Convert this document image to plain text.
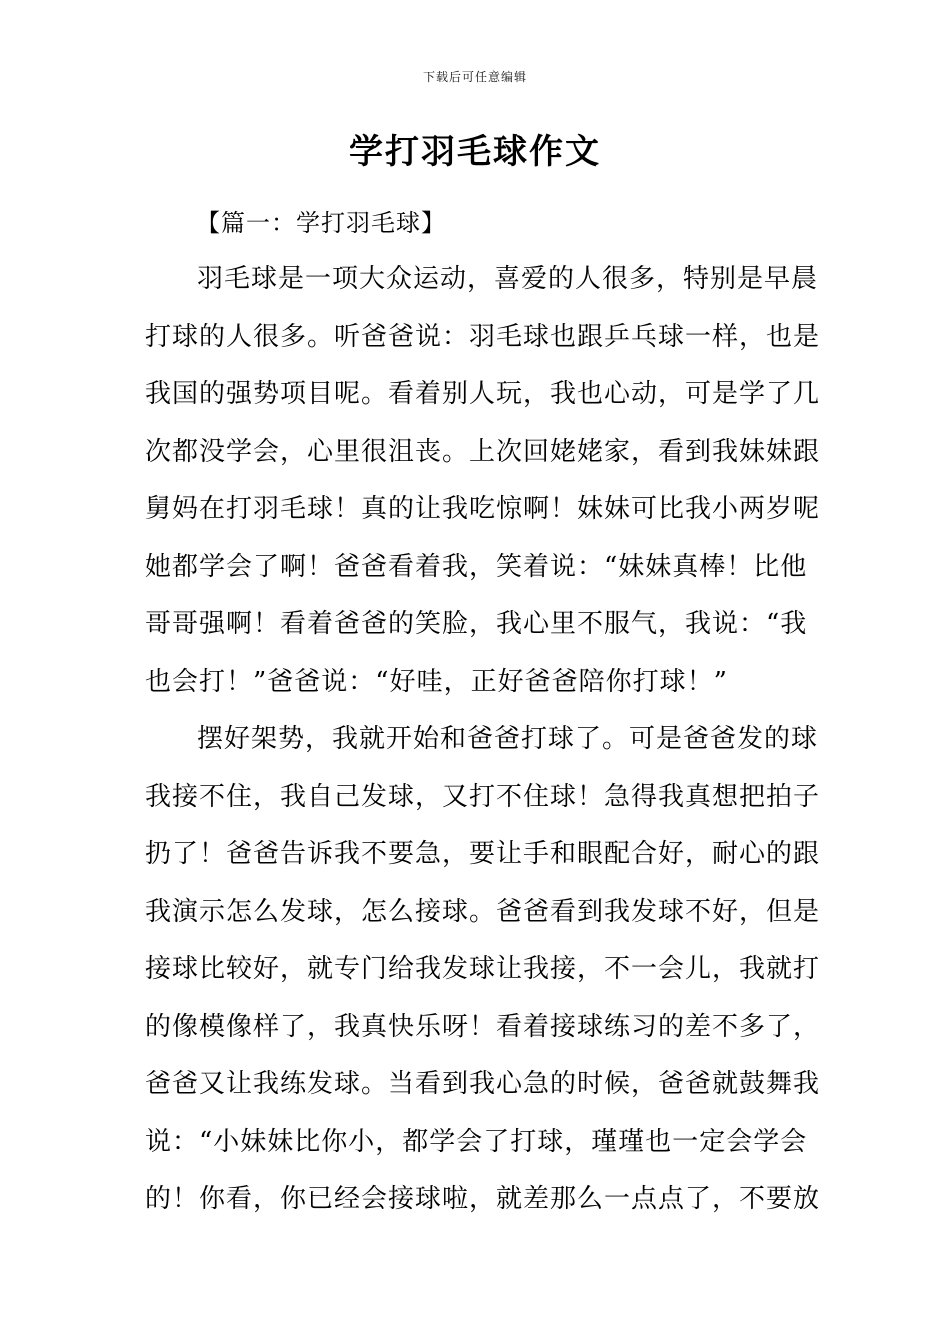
下载后可任意编辑
学打羽毛球作文
【篇一：学打羽毛球】
羽毛球是一项大众运动，喜爱的人很多，特别是早晨
打球的人很多。听爸爸说：羽毛球也跟乒乓球一样，也是
我国的强势项目呢。看着别人玩，我也心动，可是学了几
次都没学会，心里很沮丧。上次回姥姥家，看到我妹妹跟
舅妈在打羽毛球！真的让我吃惊啊！妹妹可比我小两岁呢
她都学会了啊！爸爸看着我，笑着说：“妹妹真棒！比他
哥哥强啊！看着爸爸的笑脸，我心里不服气，我说：“我
也会打！”爸爸说：“好哇，正好爸爸陪你打球！”
摆好架势，我就开始和爸爸打球了。可是爸爸发的球
我接不住，我自己发球，又打不住球！急得我真想把拍子
扔了！爸爸告诉我不要急，要让手和眼配合好，耐心的跟
我演示怎么发球，怎么接球。爸爸看到我发球不好，但是
接球比较好，就专门给我发球让我接，不一会儿，我就打
的像模像样了，我真快乐呀！看着接球练习的差不多了，
爸爸又让我练发球。当看到我心急的时候，爸爸就鼓舞我
说：“小妹妹比你小，都学会了打球，瑾瑾也一定会学会
的！你看，你已经会接球啦，就差那么一点点了，不要放
